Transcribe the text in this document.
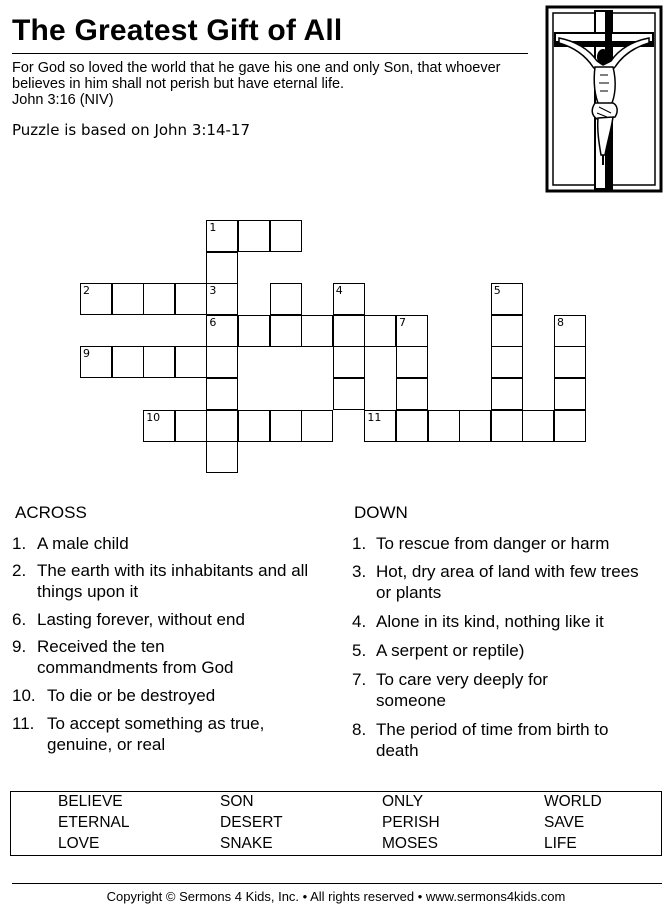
The Greatest Gift of All
For God so loved the world that he gave his one and only Son, that whoever believes in him shall not perish but have eternal life.
John 3:16 (NIV)
Puzzle is based on John 3:14-17
1
2	3	4	5
6	7	8
9
10	11
ACROSS	DOWN
1. A male child
2. The earth with its inhabitants and all things upon it
6. Lasting forever, without end
9. Received the ten commandments from God
10. To die or be destroyed
11. To accept something as true, genuine, or real
1. To rescue from danger or harm
3. Hot, dry area of land with few trees or plants
4. Alone in its kind, nothing like it
5. A serpent or reptile)
7. To care very deeply for someone
8. The period of time from birth to death
BELIEVE	SON	ONLY	WORLD
ETERNAL	DESERT	PERISH	SAVE
LOVE	SNAKE	MOSES	LIFE
Copyright © Sermons 4 Kids, Inc. • All rights reserved • www.sermons4kids.com
